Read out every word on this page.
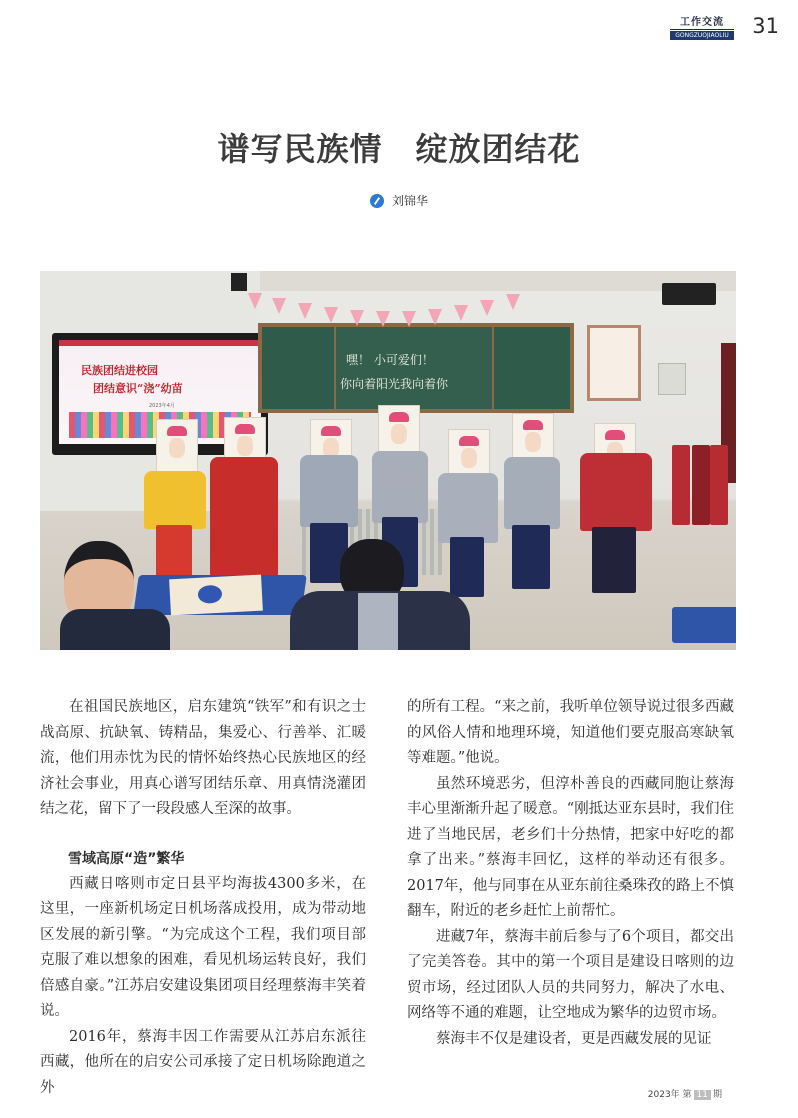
工作交流
GONGZUOJIAOLIU 31
谱写民族情　绽放团结花
刘锦华
民族团结进校园
团结意识“浇”幼苗
2023年4月
嘿！ 小可爱们！
你向着阳光我向着你

在祖国民族地区，启东建筑“铁军”和有识之士战高原、抗缺氧、铸精品，集爱心、行善举、汇暖流，他们用赤忱为民的情怀始终热心民族地区的经济社会事业，用真心谱写团结乐章、用真情浇灌团结之花，留下了一段段感人至深的故事。

雪域高原“造”繁华

西藏日喀则市定日县平均海拔4300多米，在这里，一座新机场定日机场落成投用，成为带动地区发展的新引擎。“为完成这个工程，我们项目部克服了难以想象的困难，看见机场运转良好，我们倍感自豪。”江苏启安建设集团项目经理蔡海丰笑着说。

2016年，蔡海丰因工作需要从江苏启东派往西藏，他所在的启安公司承接了定日机场除跑道之外

的所有工程。“来之前，我听单位领导说过很多西藏的风俗人情和地理环境，知道他们要克服高寒缺氧等难题。”他说。

虽然环境恶劣，但淳朴善良的西藏同胞让蔡海丰心里渐渐升起了暖意。“刚抵达亚东县时，我们住进了当地民居，老乡们十分热情，把家中好吃的都拿了出来。”蔡海丰回忆，这样的举动还有很多。2017年，他与同事在从亚东前往桑珠孜的路上不慎翻车，附近的老乡赶忙上前帮忙。

进藏7年，蔡海丰前后参与了6个项目，都交出了完美答卷。其中的第一个项目是建设日喀则的边贸市场，经过团队人员的共同努力，解决了水电、网络等不通的难题，让空地成为繁华的边贸市场。

蔡海丰不仅是建设者，更是西藏发展的见证

2023年 第 11 期
